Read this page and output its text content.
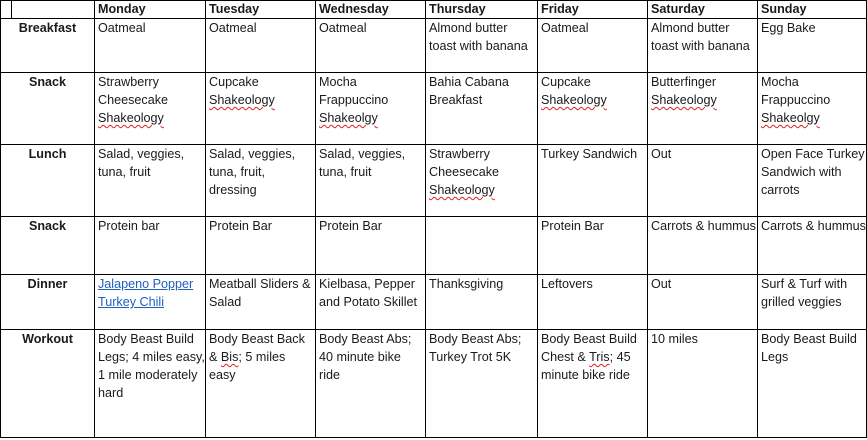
	Monday	Tuesday	Wednesday	Thursday	Friday	Saturday	Sunday
Breakfast	Oatmeal	Oatmeal	Oatmeal	Almond butter toast with banana	Oatmeal	Almond butter toast with banana	Egg Bake
Snack	Strawberry Cheesecake Shakeology	Cupcake Shakeology	Mocha Frappuccino Shakeolgy	Bahia Cabana Breakfast	Cupcake Shakeology	Butterfinger Shakeology	Mocha Frappuccino Shakeolgy
Lunch	Salad, veggies, tuna, fruit	Salad, veggies, tuna, fruit, dressing	Salad, veggies, tuna, fruit	Strawberry Cheesecake Shakeology	Turkey Sandwich	Out	Open Face Turkey Sandwich with carrots
Snack	Protein bar	Protein Bar	Protein Bar		Protein Bar	Carrots & hummus	Carrots & hummus
Dinner	Jalapeno Popper Turkey Chili	Meatball Sliders & Salad	Kielbasa, Pepper and Potato Skillet	Thanksgiving	Leftovers	Out	Surf & Turf with grilled veggies
Workout	Body Beast Build Legs; 4 miles easy, 1 mile moderately hard	Body Beast Back & Bis; 5 miles easy	Body Beast Abs; 40 minute bike ride	Body Beast Abs; Turkey Trot 5K	Body Beast Build Chest & Tris; 45 minute bike ride	10 miles	Body Beast Build Legs
